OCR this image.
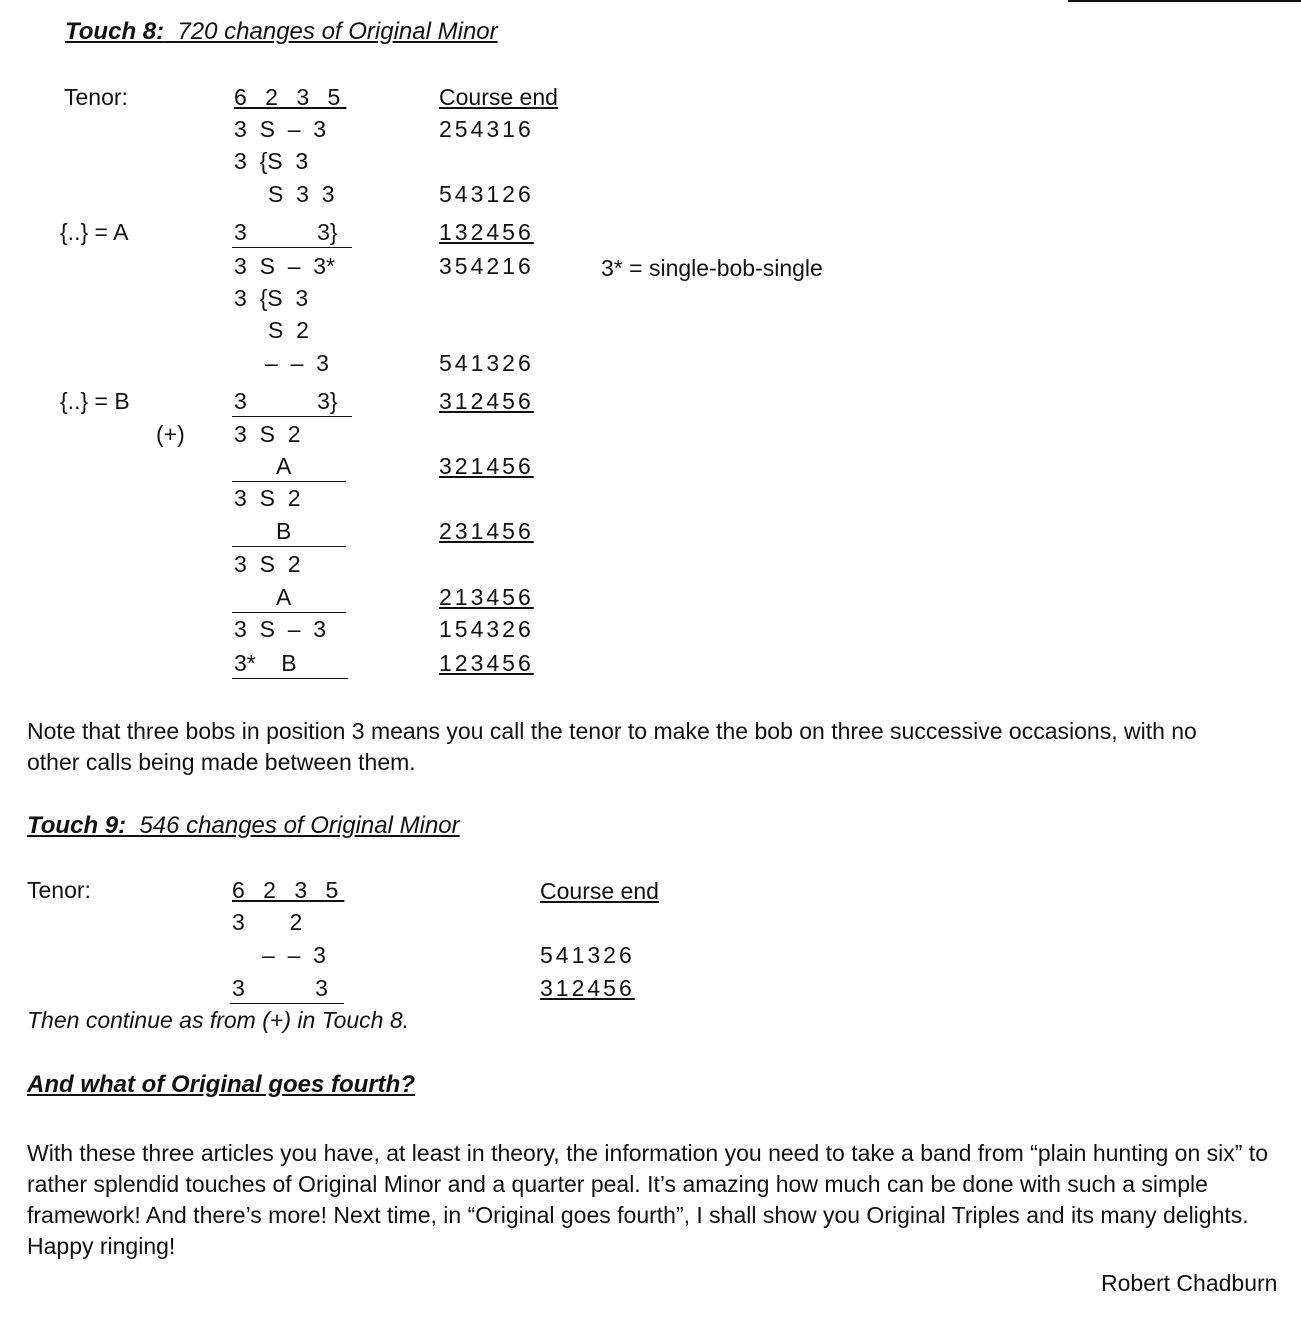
Touch 8: 720 changes of Original Minor
Tenor:	6 2 3 5	Course end
3  S  –  3	254316
3  {S  3
S  3  3	543126
{..} = A	3           3}	132456
3  S  –  3*	354216	3* = single-bob-single
3  {S  3
S  2
–  –  3	541326
{..} = B	3           3}	312456
(+) 3  S  2
A	321456
3  S  2
B	231456
3  S  2
A	213456
3  S  –  3	154326
3*    B	123456
Note that three bobs in position 3 means you call the tenor to make the bob on three successive occasions, with no other calls being made between them.
Touch 9: 546 changes of Original Minor
Tenor:	6 2 3 5	Course end
3       2
–  –  3	541326
3           3	312456
Then continue as from (+) in Touch 8.
And what of Original goes fourth?
With these three articles you have, at least in theory, the information you need to take a band from “plain hunting on six” to rather splendid touches of Original Minor and a quarter peal. It’s amazing how much can be done with such a simple framework! And there’s more! Next time, in “Original goes fourth”, I shall show you Original Triples and its many delights. Happy ringing!
Robert Chadburn
